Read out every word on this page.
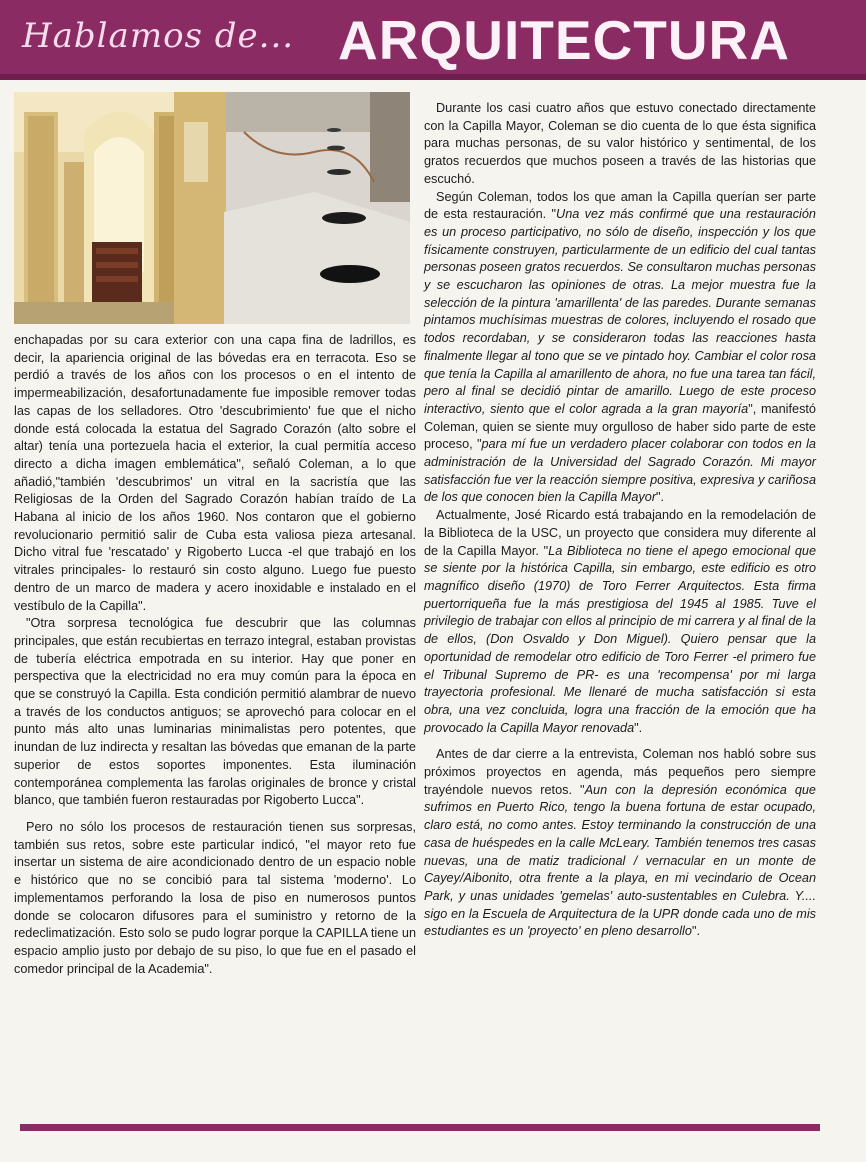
Hablamos de... ARQUITECTURA

enchapadas por su cara exterior con una capa fina de ladrillos, es decir, la apariencia original de las bóvedas era en terracota. Eso se perdió a través de los años con los procesos o en el intento de impermeabilización, desafortunadamente fue imposible remover todas las capas de los selladores. Otro 'descubrimiento' fue que el nicho donde está colocada la estatua del Sagrado Corazón (alto sobre el altar) tenía una portezuela hacia el exterior, la cual permitía acceso directo a dicha imagen emblemática", señaló Coleman, a lo que añadió,"también 'descubrimos' un vitral en la sacristía que las Religiosas de la Orden del Sagrado Corazón habían traído de La Habana al inicio de los años 1960. Nos contaron que el gobierno revolucionario permitió salir de Cuba esta valiosa pieza artesanal. Dicho vitral fue 'rescatado' y Rigoberto Lucca -el que trabajó en los vitrales principales- lo restauró sin costo alguno. Luego fue puesto dentro de un marco de madera y acero inoxidable e instalado en el vestíbulo de la Capilla".

"Otra sorpresa tecnológica fue descubrir que las columnas principales, que están recubiertas en terrazo integral, estaban provistas de tubería eléctrica empotrada en su interior. Hay que poner en perspectiva que la electricidad no era muy común para la época en que se construyó la Capilla. Esta condición permitió alambrar de nuevo a través de los conductos antiguos; se aprovechó para colocar en el punto más alto unas luminarias minimalistas pero potentes, que inundan de luz indirecta y resaltan las bóvedas que emanan de la parte superior de estos soportes imponentes. Esta iluminación contemporánea complementa las farolas originales de bronce y cristal blanco, que también fueron restauradas por Rigoberto Lucca".

Pero no sólo los procesos de restauración tienen sus sorpresas, también sus retos, sobre este particular indicó, "el mayor reto fue insertar un sistema de aire acondicionado dentro de un espacio noble e histórico que no se concibió para tal sistema 'moderno'. Lo implementamos perforando la losa de piso en numerosos puntos donde se colocaron difusores para el suministro y retorno de la redeclimatización. Esto solo se pudo lograr porque la CAPILLA tiene un espacio amplio justo por debajo de su piso, lo que fue en el pasado el comedor principal de la Academia".

Durante los casi cuatro años que estuvo conectado directamente con la Capilla Mayor, Coleman se dio cuenta de lo que ésta significa para muchas personas, de su valor histórico y sentimental, de los gratos recuerdos que muchos poseen a través de las historias que escuchó.

Según Coleman, todos los que aman la Capilla querían ser parte de esta restauración. "Una vez más confirmé que una restauración es un proceso participativo, no sólo de diseño, inspección y los que físicamente construyen, particularmente de un edificio del cual tantas personas poseen gratos recuerdos. Se consultaron muchas personas y se escucharon las opiniones de otras. La mejor muestra fue la selección de la pintura 'amarillenta' de las paredes. Durante semanas pintamos muchísimas muestras de colores, incluyendo el rosado que todos recordaban, y se consideraron todas las reacciones hasta finalmente llegar al tono que se ve pintado hoy. Cambiar el color rosa que tenía la Capilla al amarillento de ahora, no fue una tarea tan fácil, pero al final se decidió pintar de amarillo. Luego de este proceso interactivo, siento que el color agrada a la gran mayoría", manifestó Coleman, quien se siente muy orgulloso de haber sido parte de este proceso, "para mí fue un verdadero placer colaborar con todos en la administración de la Universidad del Sagrado Corazón. Mi mayor satisfacción fue ver la reacción siempre positiva, expresiva y cariñosa de los que conocen bien la Capilla Mayor".

Actualmente, José Ricardo está trabajando en la remodelación de la Biblioteca de la USC, un proyecto que considera muy diferente al de la Capilla Mayor. "La Biblioteca no tiene el apego emocional que se siente por la histórica Capilla, sin embargo, este edificio es otro magnífico diseño (1970) de Toro Ferrer Arquitectos. Esta firma puertorriqueña fue la más prestigiosa del 1945 al 1985. Tuve el privilegio de trabajar con ellos al principio de mi carrera y al final de la de ellos, (Don Osvaldo y Don Miguel). Quiero pensar que la oportunidad de remodelar otro edificio de Toro Ferrer -el primero fue el Tribunal Supremo de PR- es una 'recompensa' por mi larga trayectoria profesional. Me llenaré de mucha satisfacción si esta obra, una vez concluida, logra una fracción de la emoción que ha provocado la Capilla Mayor renovada".

Antes de dar cierre a la entrevista, Coleman nos habló sobre sus próximos proyectos en agenda, más pequeños pero siempre trayéndole nuevos retos. "Aun con la depresión económica que sufrimos en Puerto Rico, tengo la buena fortuna de estar ocupado, claro está, no como antes. Estoy terminando la construcción de una casa de huéspedes en la calle McLeary. También tenemos tres casas nuevas, una de matiz tradicional / vernacular en un monte de Cayey/Aibonito, otra frente a la playa, en mi vecindario de Ocean Park, y unas unidades 'gemelas' auto-sustentables en Culebra. Y.... sigo en la Escuela de Arquitectura de la UPR donde cada uno de mis estudiantes es un 'proyecto' en pleno desarrollo".
